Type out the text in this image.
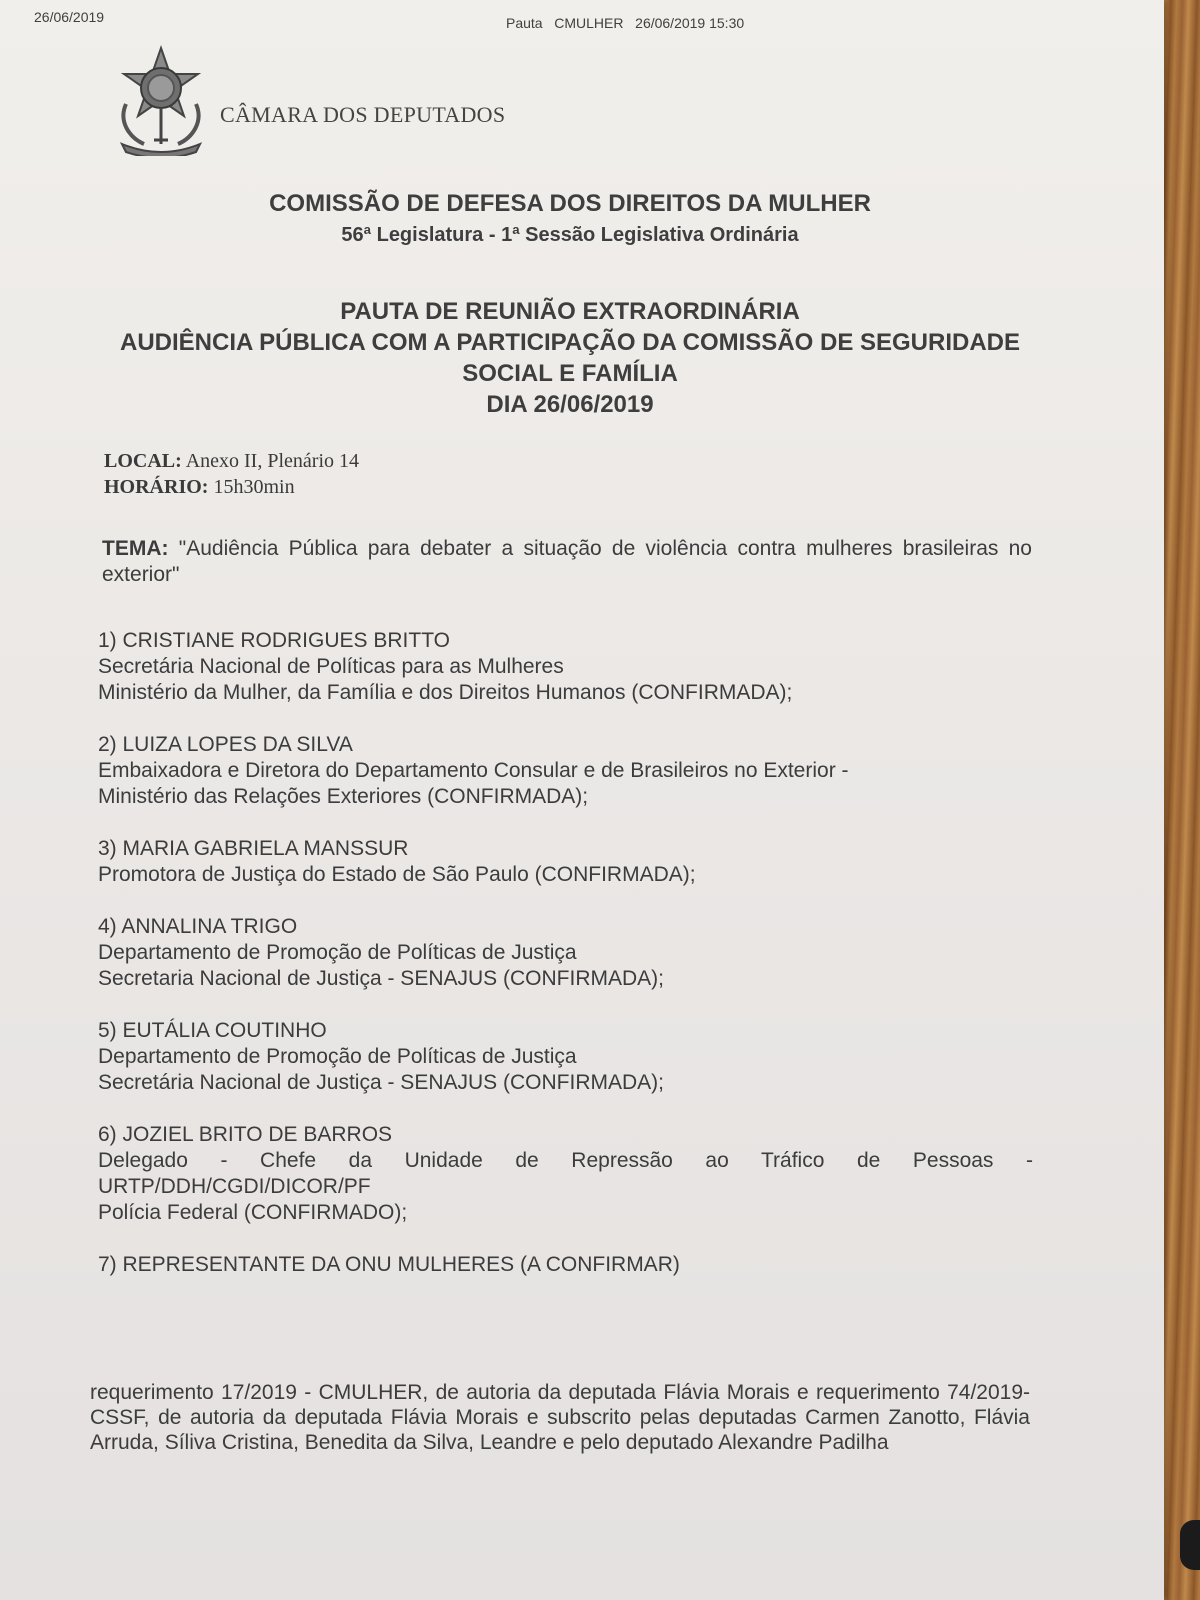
26/06/2019	Pauta   CMULHER   26/06/2019 15:30
CÂMARA DOS DEPUTADOS
COMISSÃO DE DEFESA DOS DIREITOS DA MULHER
56ª Legislatura - 1ª Sessão Legislativa Ordinária
PAUTA DE REUNIÃO EXTRAORDINÁRIA
AUDIÊNCIA PÚBLICA COM A PARTICIPAÇÃO DA COMISSÃO DE SEGURIDADE
SOCIAL E FAMÍLIA
DIA 26/06/2019
LOCAL: Anexo II, Plenário 14
HORÁRIO: 15h30min
TEMA: "Audiência Pública para debater a situação de violência contra mulheres brasileiras no exterior"
1) CRISTIANE RODRIGUES BRITTO
Secretária Nacional de Políticas para as Mulheres
Ministério da Mulher, da Família e dos Direitos Humanos (CONFIRMADA);
2) LUIZA LOPES DA SILVA
Embaixadora e Diretora do Departamento Consular e de Brasileiros no Exterior -
Ministério das Relações Exteriores (CONFIRMADA);
3) MARIA GABRIELA MANSSUR
Promotora de Justiça do Estado de São Paulo (CONFIRMADA);
4) ANNALINA TRIGO
Departamento de Promoção de Políticas de Justiça
Secretaria Nacional de Justiça - SENAJUS (CONFIRMADA);
5) EUTÁLIA COUTINHO
Departamento de Promoção de Políticas de Justiça
Secretária Nacional de Justiça - SENAJUS (CONFIRMADA);
6) JOZIEL BRITO DE BARROS
Delegado - Chefe da Unidade de Repressão ao Tráfico de Pessoas -
URTP/DDH/CGDI/DICOR/PF
Polícia Federal (CONFIRMADO);
7) REPRESENTANTE DA ONU MULHERES (A CONFIRMAR)
requerimento 17/2019 - CMULHER, de autoria da deputada Flávia Morais e requerimento 74/2019-CSSF, de autoria da deputada Flávia Morais e subscrito pelas deputadas Carmen Zanotto, Flávia Arruda, Síliva Cristina, Benedita da Silva, Leandre e pelo deputado Alexandre Padilha
